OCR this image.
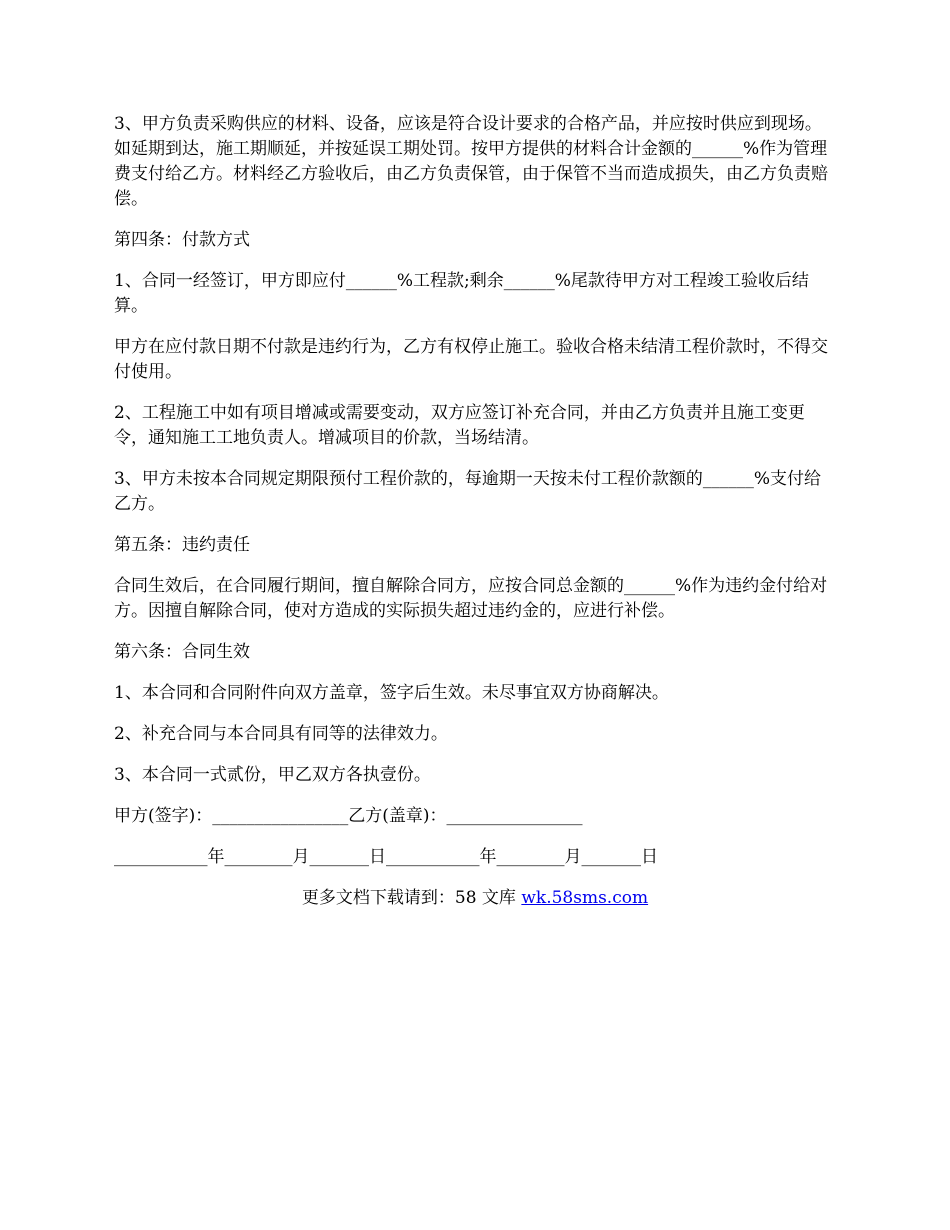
3、甲方负责采购供应的材料、设备，应该是符合设计要求的合格产品，并应按时供应到现场。如延期到达，施工期顺延，并按延误工期处罚。按甲方提供的材料合计金额的______%作为管理费支付给乙方。材料经乙方验收后，由乙方负责保管，由于保管不当而造成损失，由乙方负责赔偿。

第四条：付款方式

1、合同一经签订，甲方即应付______%工程款;剩余______%尾款待甲方对工程竣工验收后结算。

甲方在应付款日期不付款是违约行为，乙方有权停止施工。验收合格未结清工程价款时，不得交付使用。

2、工程施工中如有项目增减或需要变动，双方应签订补充合同，并由乙方负责并且施工变更令，通知施工工地负责人。增减项目的价款，当场结清。

3、甲方未按本合同规定期限预付工程价款的，每逾期一天按未付工程价款额的______%支付给乙方。

第五条：违约责任

合同生效后，在合同履行期间，擅自解除合同方，应按合同总金额的______%作为违约金付给对方。因擅自解除合同，使对方造成的实际损失超过违约金的，应进行补偿。

第六条：合同生效

1、本合同和合同附件向双方盖章，签字后生效。未尽事宜双方协商解决。

2、补充合同与本合同具有同等的法律效力。

3、本合同一式贰份，甲乙双方各执壹份。

甲方(签字)：________________乙方(盖章)：________________

___________年________月_______日___________年________月_______日

更多文档下载请到：58 文库 wk.58sms.com
